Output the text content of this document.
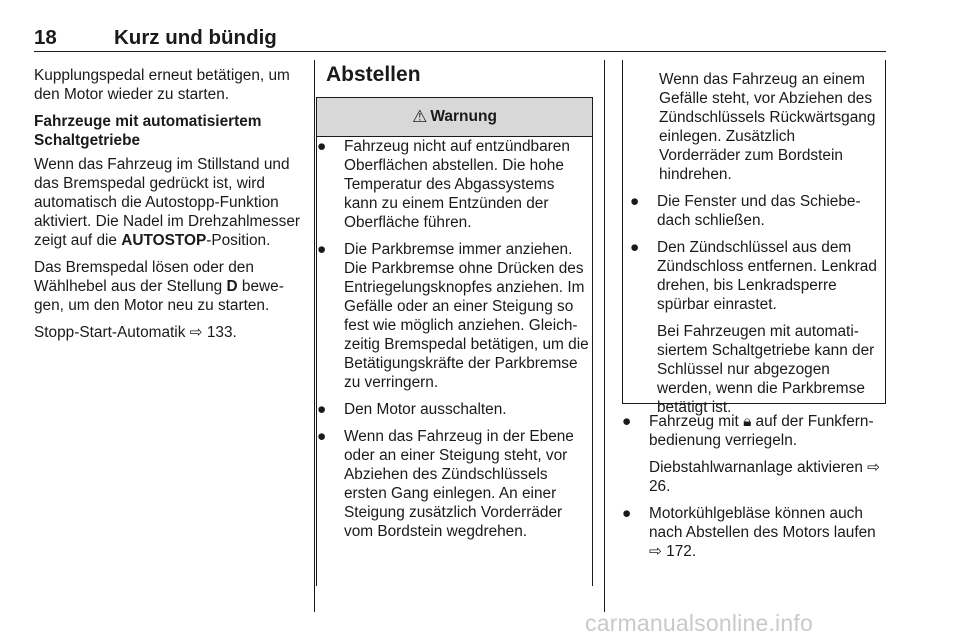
18	Kurz und bündig

Kupplungspedal erneut betätigen, um den Motor wieder zu starten.

Fahrzeuge mit automatisiertem Schaltgetriebe

Wenn das Fahrzeug im Stillstand und das Bremspedal gedrückt ist, wird automatisch die Autostopp-Funktion aktiviert. Die Nadel im Drehzahlmesser zeigt auf die AUTOSTOP-Position.

Das Bremspedal lösen oder den Wählhebel aus der Stellung D bewegen, um den Motor neu zu starten.

Stopp-Start-Automatik ⇨ 133.

Abstellen
⚠ Warnung
● Fahrzeug nicht auf entzündbaren Oberflächen abstellen. Die hohe Temperatur des Abgassystems kann zu einem Entzünden der Oberfläche führen.

● Die Parkbremse immer anziehen. Die Parkbremse ohne Drücken des Entriegelungsknopfes anziehen. Im Gefälle oder an einer Steigung so fest wie möglich anziehen. Gleichzeitig Bremspedal betätigen, um die Betätigungskräfte der Parkbremse zu verringern.

● Den Motor ausschalten.

● Wenn das Fahrzeug in der Ebene oder an einer Steigung steht, vor Abziehen des Zündschlüssels ersten Gang einlegen. An einer Steigung zusätzlich Vorderräder vom Bordstein wegdrehen.

Wenn das Fahrzeug an einem Gefälle steht, vor Abziehen des Zündschlüssels Rückwärtsgang einlegen. Zusätzlich Vorderräder zum Bordstein hindrehen.

● Die Fenster und das Schiebedach schließen.

● Den Zündschlüssel aus dem Zündschloss entfernen. Lenkrad drehen, bis Lenkradsperre spürbar einrastet.

Bei Fahrzeugen mit automatisiertem Schaltgetriebe kann der Schlüssel nur abgezogen werden, wenn die Parkbremse betätigt ist.

● Fahrzeug mit 🔒︎ auf der Funkfernbedienung verriegeln.

Diebstahlwarnanlage aktivieren ⇨ 26.

● Motorkühlgebläse können auch nach Abstellen des Motors laufen ⇨ 172.

carmanualsonline.info
